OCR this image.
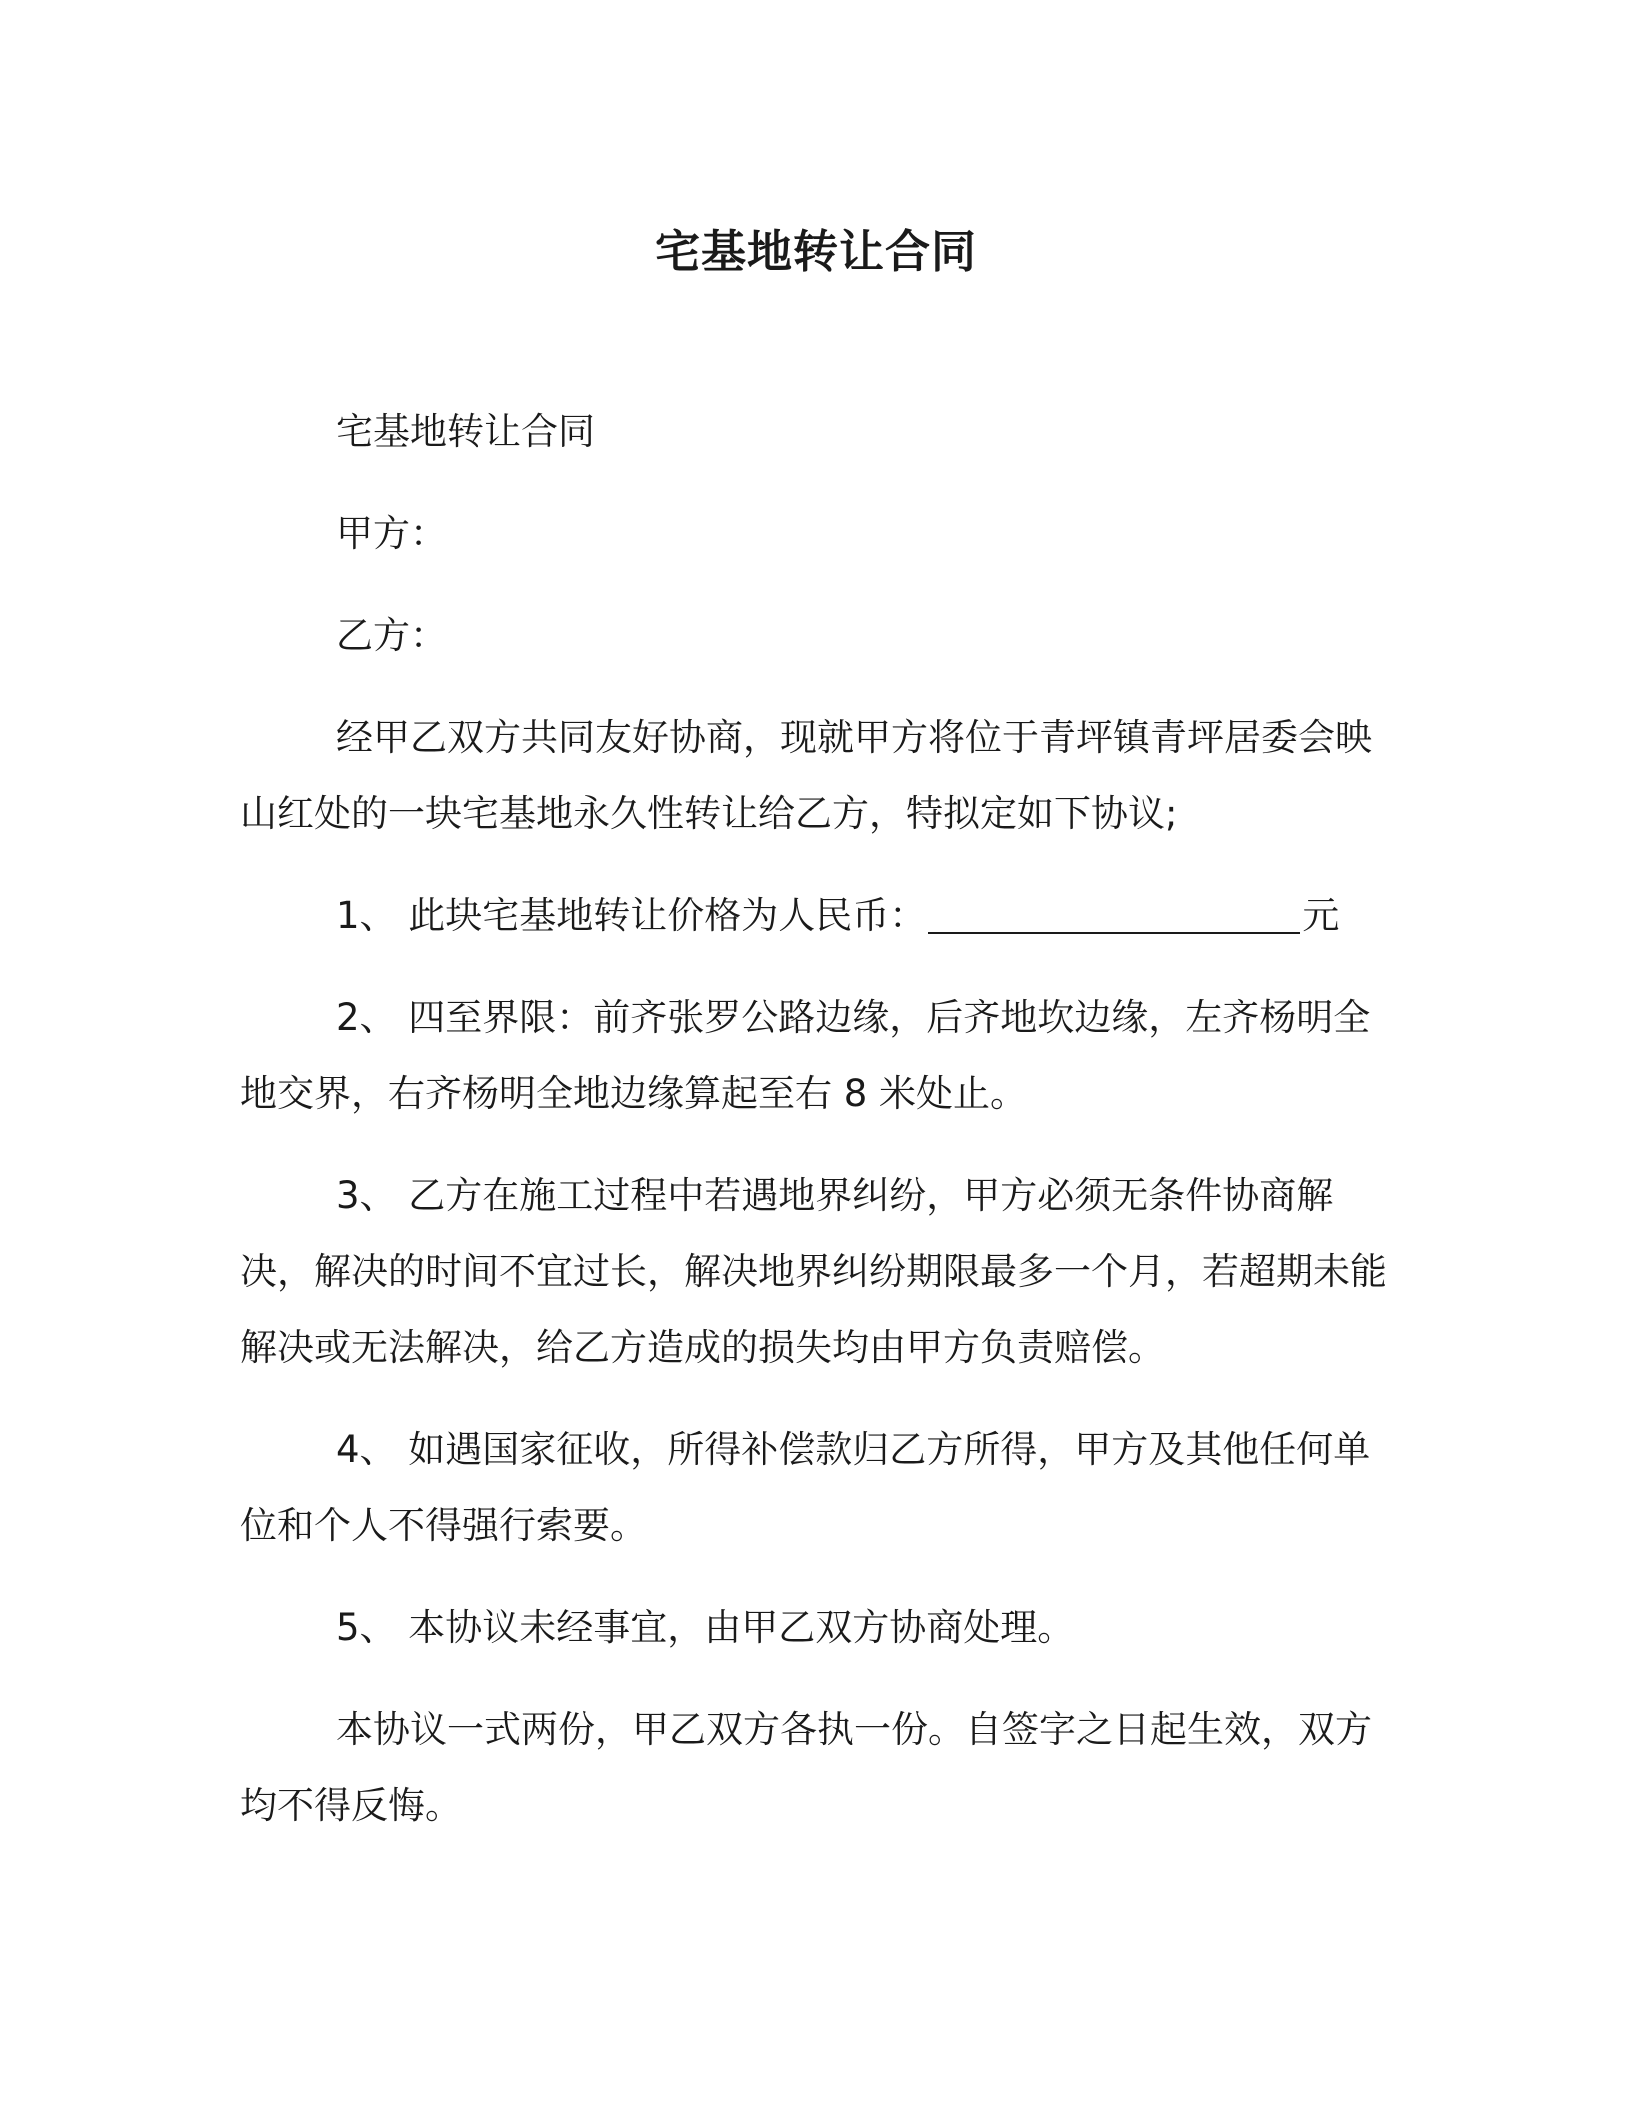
宅基地转让合同

宅基地转让合同

甲方：

乙方：

经甲乙双方共同友好协商，现就甲方将位于青坪镇青坪居委会映山红处的一块宅基地永久性转让给乙方，特拟定如下协议;

1、 此块宅基地转让价格为人民币：	元

2、 四至界限：前齐张罗公路边缘，后齐地坎边缘，左齐杨明全地交界，右齐杨明全地边缘算起至右 8 米处止。

3、 乙方在施工过程中若遇地界纠纷，甲方必须无条件协商解决，解决的时间不宜过长，解决地界纠纷期限最多一个月，若超期未能解决或无法解决，给乙方造成的损失均由甲方负责赔偿。

4、 如遇国家征收，所得补偿款归乙方所得，甲方及其他任何单位和个人不得强行索要。

5、 本协议未经事宜，由甲乙双方协商处理。

本协议一式两份，甲乙双方各执一份。自签字之日起生效，双方均不得反悔。
